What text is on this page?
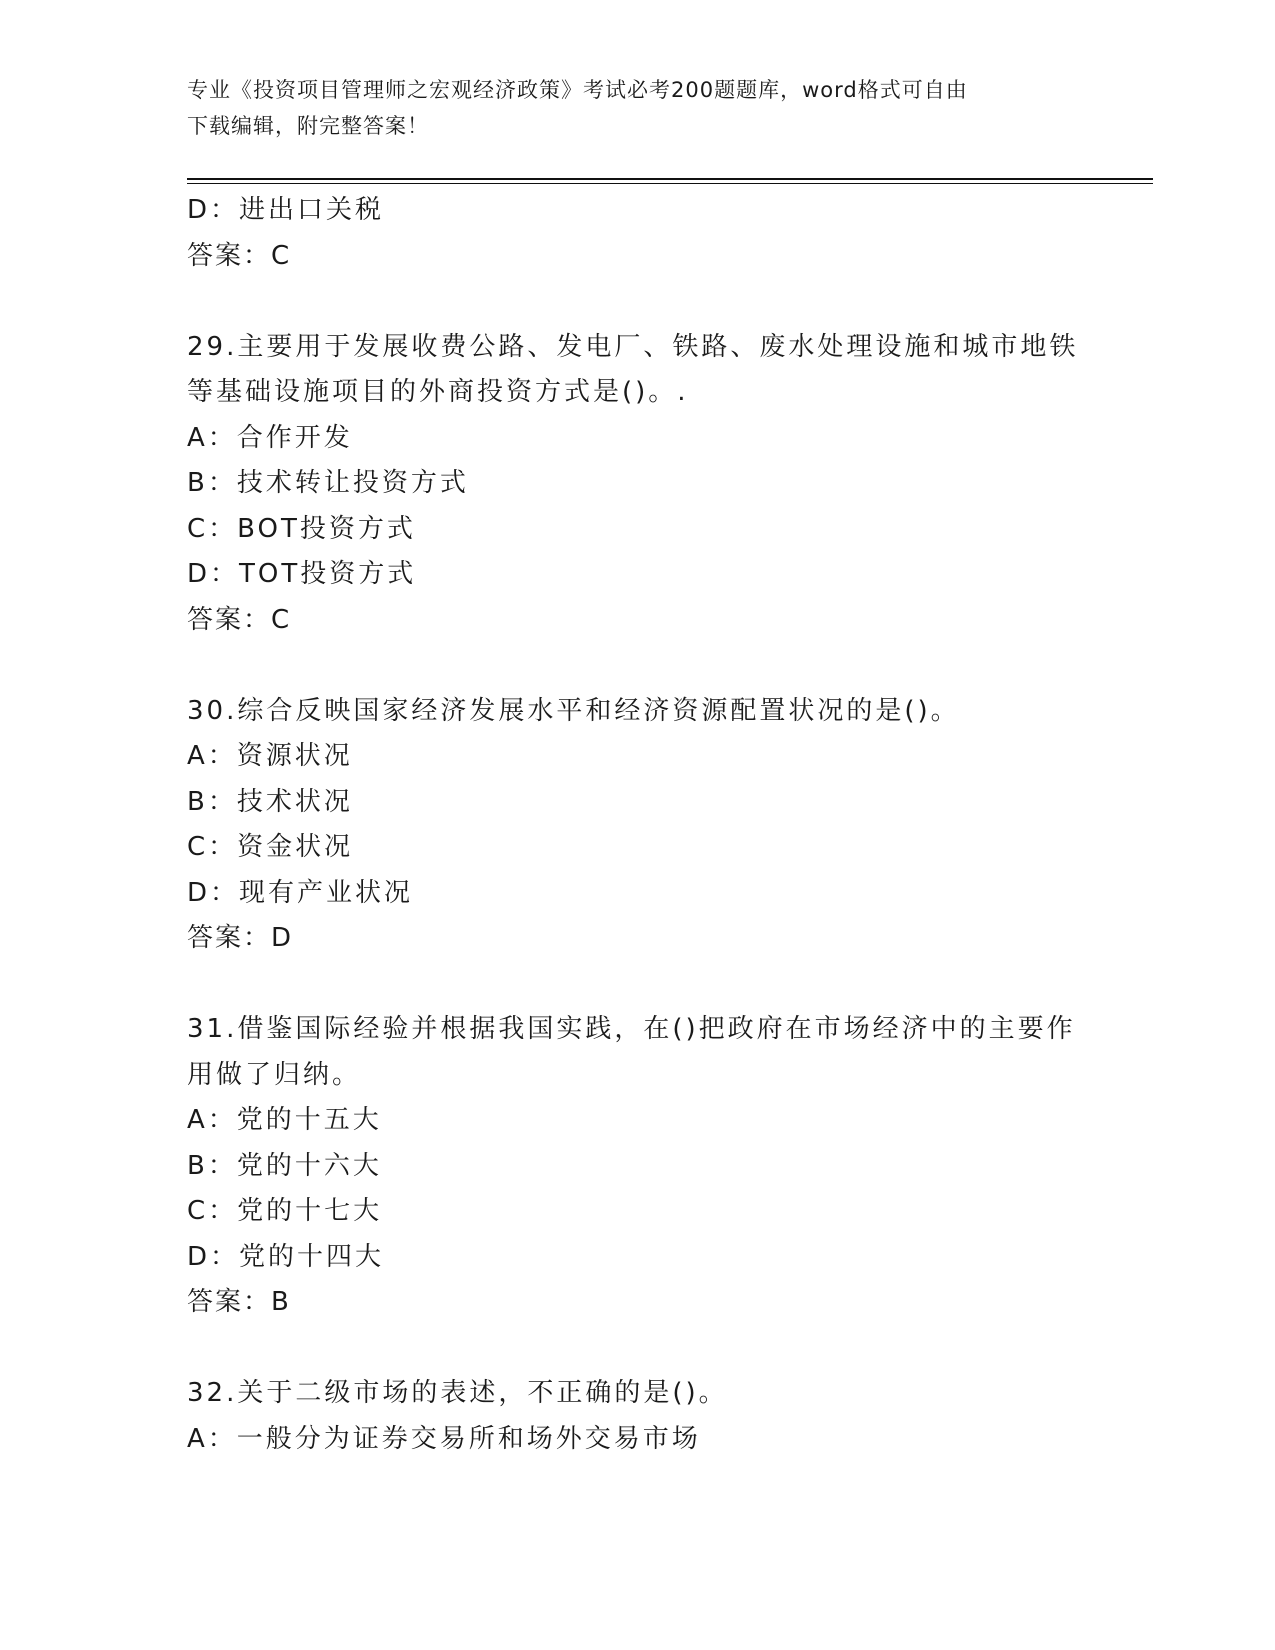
专业《投资项目管理师之宏观经济政策》考试必考200题题库，word格式可自由
下载编辑，附完整答案！
D：进出口关税
答案：C
29.主要用于发展收费公路、发电厂、铁路、废水处理设施和城市地铁
等基础设施项目的外商投资方式是()。.
A：合作开发
B：技术转让投资方式
C：BOT投资方式
D：TOT投资方式
答案：C
30.综合反映国家经济发展水平和经济资源配置状况的是()。
A：资源状况
B：技术状况
C：资金状况
D：现有产业状况
答案：D
31.借鉴国际经验并根据我国实践，在()把政府在市场经济中的主要作
用做了归纳。
A：党的十五大
B：党的十六大
C：党的十七大
D：党的十四大
答案：B
32.关于二级市场的表述，不正确的是()。
A：一般分为证券交易所和场外交易市场
